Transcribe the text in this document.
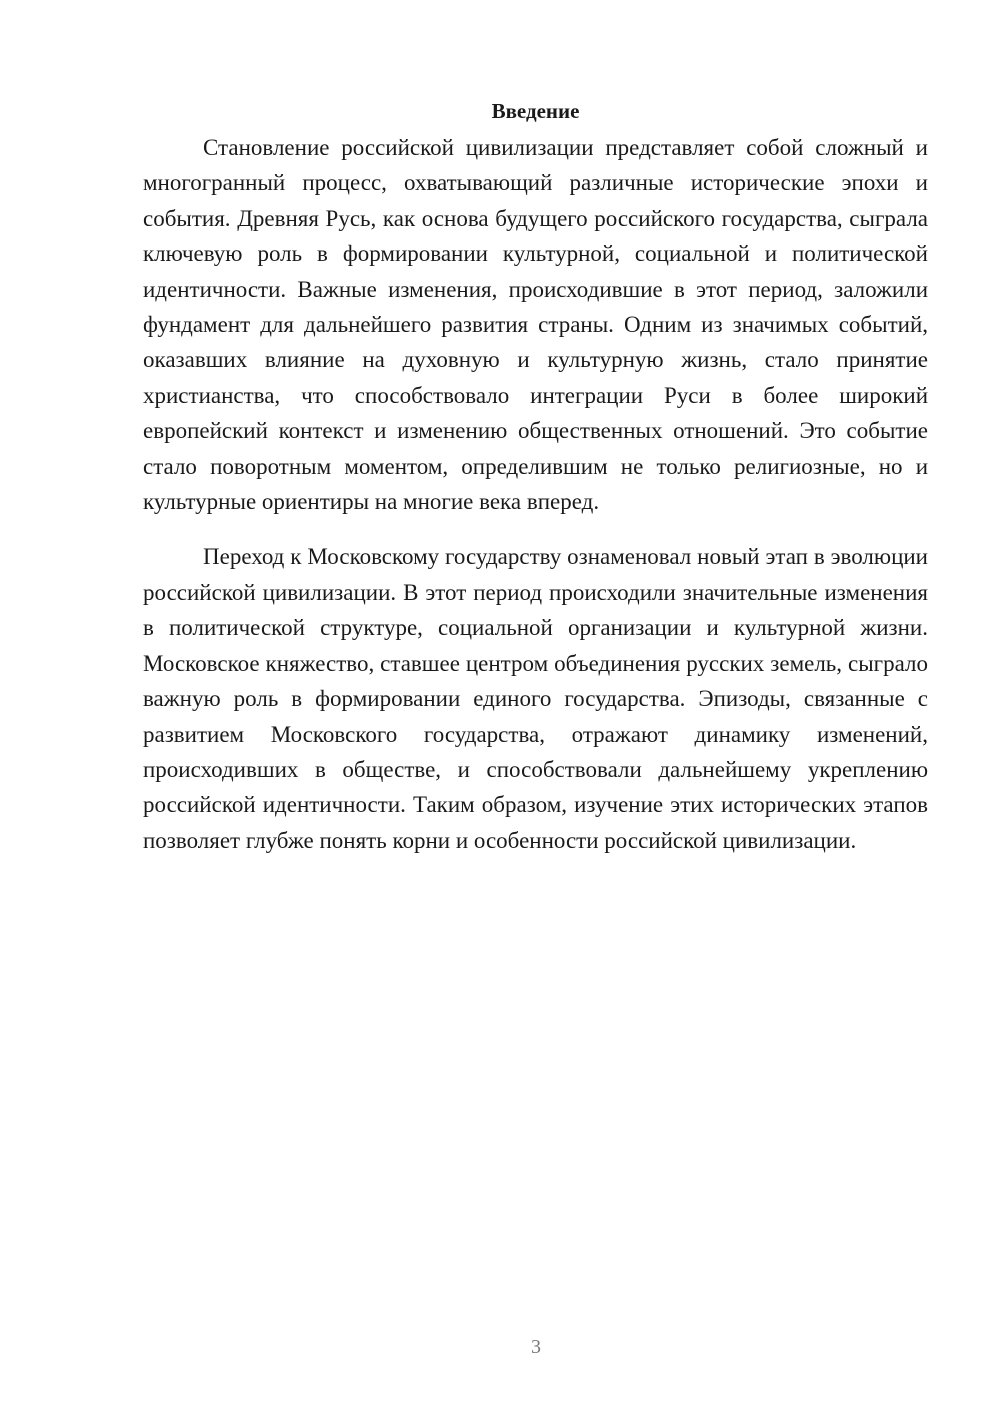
Введение

Становление российской цивилизации представляет собой сложный и многогранный процесс, охватывающий различные исторические эпохи и события. Древняя Русь, как основа будущего российского государства, сыграла ключевую роль в формировании культурной, социальной и политической идентичности. Важные изменения, происходившие в этот период, заложили фундамент для дальнейшего развития страны. Одним из значимых событий, оказавших влияние на духовную и культурную жизнь, стало принятие христианства, что способствовало интеграции Руси в более широкий европейский контекст и изменению общественных отношений. Это событие стало поворотным моментом, определившим не только религиозные, но и культурные ориентиры на многие века вперед.

Переход к Московскому государству ознаменовал новый этап в эволюции российской цивилизации. В этот период происходили значительные изменения в политической структуре, социальной организации и культурной жизни. Московское княжество, ставшее центром объединения русских земель, сыграло важную роль в формировании единого государства. Эпизоды, связанные с развитием Московского государства, отражают динамику изменений, происходивших в обществе, и способствовали дальнейшему укреплению российской идентичности. Таким образом, изучение этих исторических этапов позволяет глубже понять корни и особенности российской цивилизации.

3
